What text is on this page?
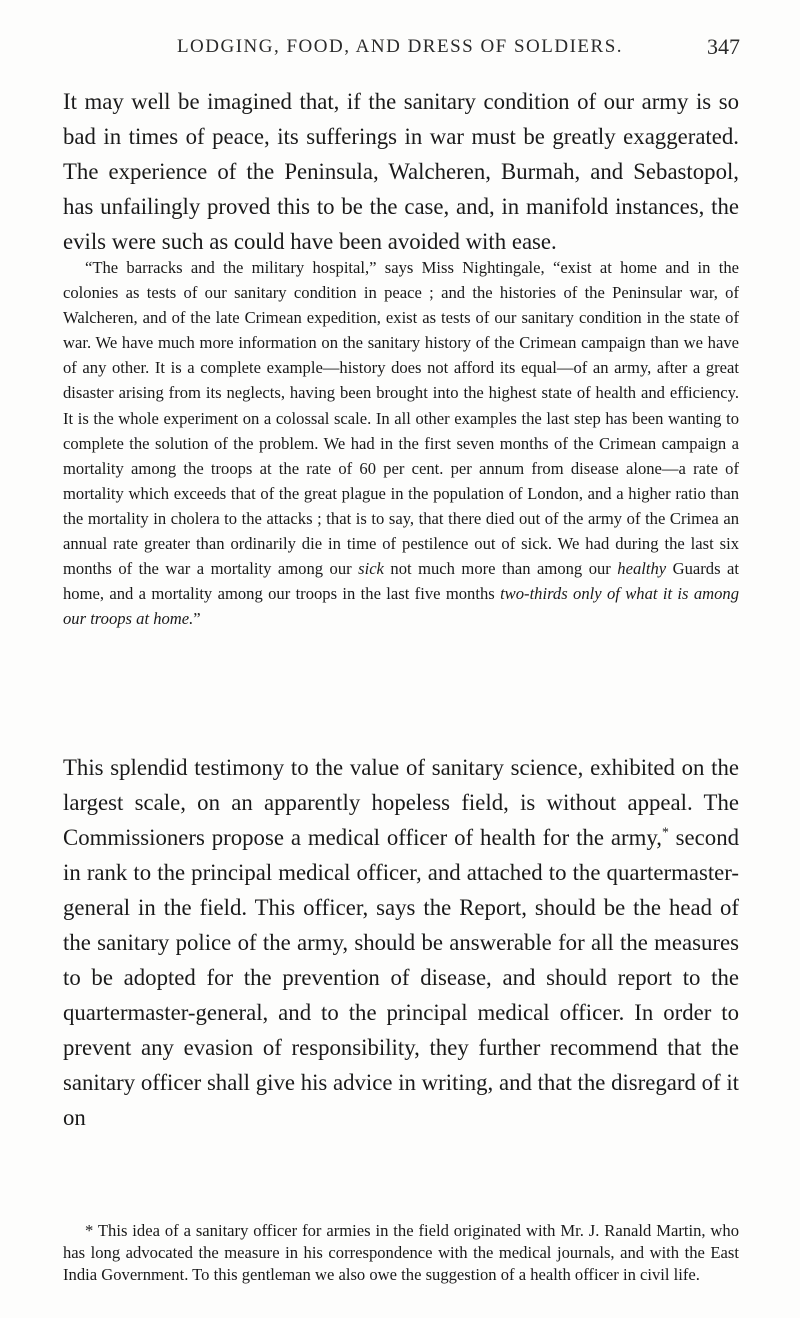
LODGING, FOOD, AND DRESS OF SOLDIERS.	347

It may well be imagined that, if the sanitary condition of our army is so bad in times of peace, its sufferings in war must be greatly exaggerated. The experience of the Peninsula, Walcheren, Burmah, and Sebastopol, has unfailingly proved this to be the case, and, in manifold instances, the evils were such as could have been avoided with ease.

“The barracks and the military hospital,” says Miss Nightingale, “exist at home and in the colonies as tests of our sanitary condition in peace ; and the histories of the Peninsular war, of Walcheren, and of the late Crimean expedition, exist as tests of our sanitary condition in the state of war. We have much more information on the sanitary history of the Crimean campaign than we have of any other. It is a complete example—history does not afford its equal—of an army, after a great disaster arising from its neglects, having been brought into the highest state of health and efficiency. It is the whole experiment on a colossal scale. In all other examples the last step has been wanting to complete the solution of the problem. We had in the first seven months of the Crimean campaign a mortality among the troops at the rate of 60 per cent. per annum from disease alone—a rate of mortality which exceeds that of the great plague in the population of London, and a higher ratio than the mortality in cholera to the attacks ; that is to say, that there died out of the army of the Crimea an annual rate greater than ordinarily die in time of pestilence out of sick. We had during the last six months of the war a mortality among our sick not much more than among our healthy Guards at home, and a mortality among our troops in the last five months two-thirds only of what it is among our troops at home.”

This splendid testimony to the value of sanitary science, exhibited on the largest scale, on an apparently hopeless field, is without appeal. The Commissioners propose a medical officer of health for the army,* second in rank to the principal medical officer, and attached to the quartermaster-general in the field. This officer, says the Report, should be the head of the sanitary police of the army, should be answerable for all the measures to be adopted for the prevention of disease, and should report to the quartermaster-general, and to the principal medical officer. In order to prevent any evasion of responsibility, they further recommend that the sanitary officer shall give his advice in writing, and that the disregard of it on

* This idea of a sanitary officer for armies in the field originated with Mr. J. Ranald Martin, who has long advocated the measure in his correspondence with the medical journals, and with the East India Government. To this gentleman we also owe the suggestion of a health officer in civil life.
